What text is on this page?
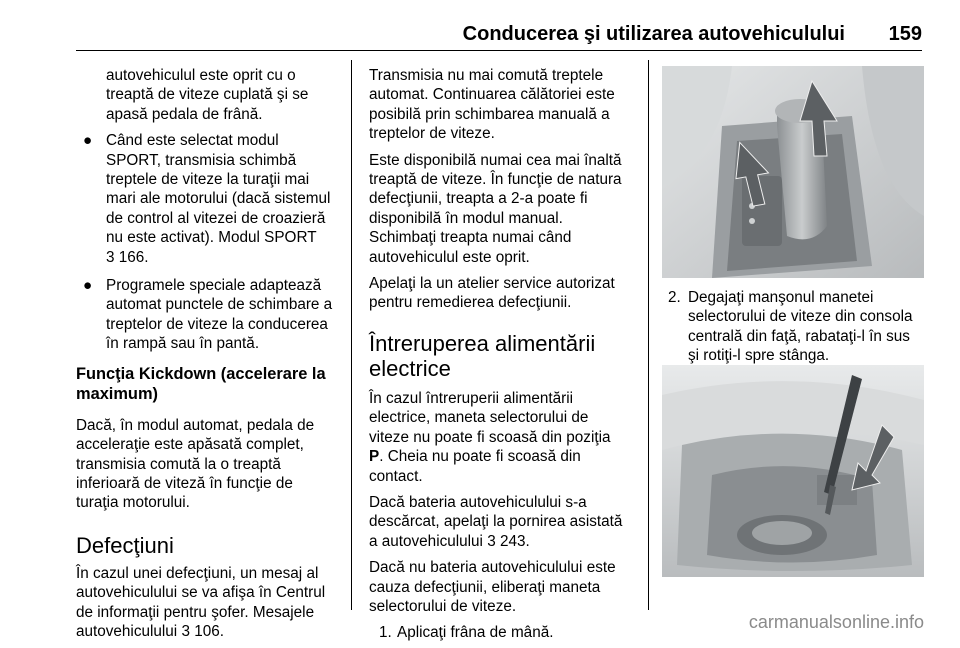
Conducerea şi utilizarea autovehiculului	159

autovehiculul este oprit cu o
treaptă de viteze cuplată şi se
apasă pedala de frână.

● Când este selectat modul
SPORT, transmisia schimbă
treptele de viteze la turaţii mai
mari ale motorului (dacă sistemul
de control al vitezei de croazieră
nu este activat). Modul SPORT
3 166.
● Programele speciale adaptează
automat punctele de schimbare a
treptelor de viteze la conducerea
în rampă sau în pantă.
Funcţia Kickdown (accelerare la
maximum)

Dacă, în modul automat, pedala de
acceleraţie este apăsată complet,
transmisia comută la o treaptă
inferioară de viteză în funcţie de
turaţia motorului.

Defecţiuni

În cazul unei defecţiuni, un mesaj al
autovehiculului se va afişa în Centrul
de informaţii pentru şofer. Mesajele
autovehiculului 3 106.

Transmisia nu mai comută treptele
automat. Continuarea călătoriei este
posibilă prin schimbarea manuală a
treptelor de viteze.

Este disponibilă numai cea mai înaltă
treaptă de viteze. În funcţie de natura
defecţiunii, treapta a 2-a poate fi
disponibilă în modul manual.
Schimbaţi treapta numai când
autovehiculul este oprit.

Apelaţi la un atelier service autorizat
pentru remedierea defecţiunii.

Întreruperea alimentării
electrice

În cazul întreruperii alimentării
electrice, maneta selectorului de
viteze nu poate fi scoasă din poziţia
P. Cheia nu poate fi scoasă din
contact.

Dacă bateria autovehiculului s-a
descărcat, apelaţi la pornirea asistată
a autovehiculului 3 243.

Dacă nu bateria autovehiculului este
cauza defecţiunii, eliberaţi maneta
selectorului de viteze.

1. Aplicaţi frâna de mână.
2. Degajaţi manşonul manetei
selectorului de viteze din consola
centrală din faţă, rabataţi-l în sus
şi rotiţi-l spre stânga.
carmanualsonline.info
